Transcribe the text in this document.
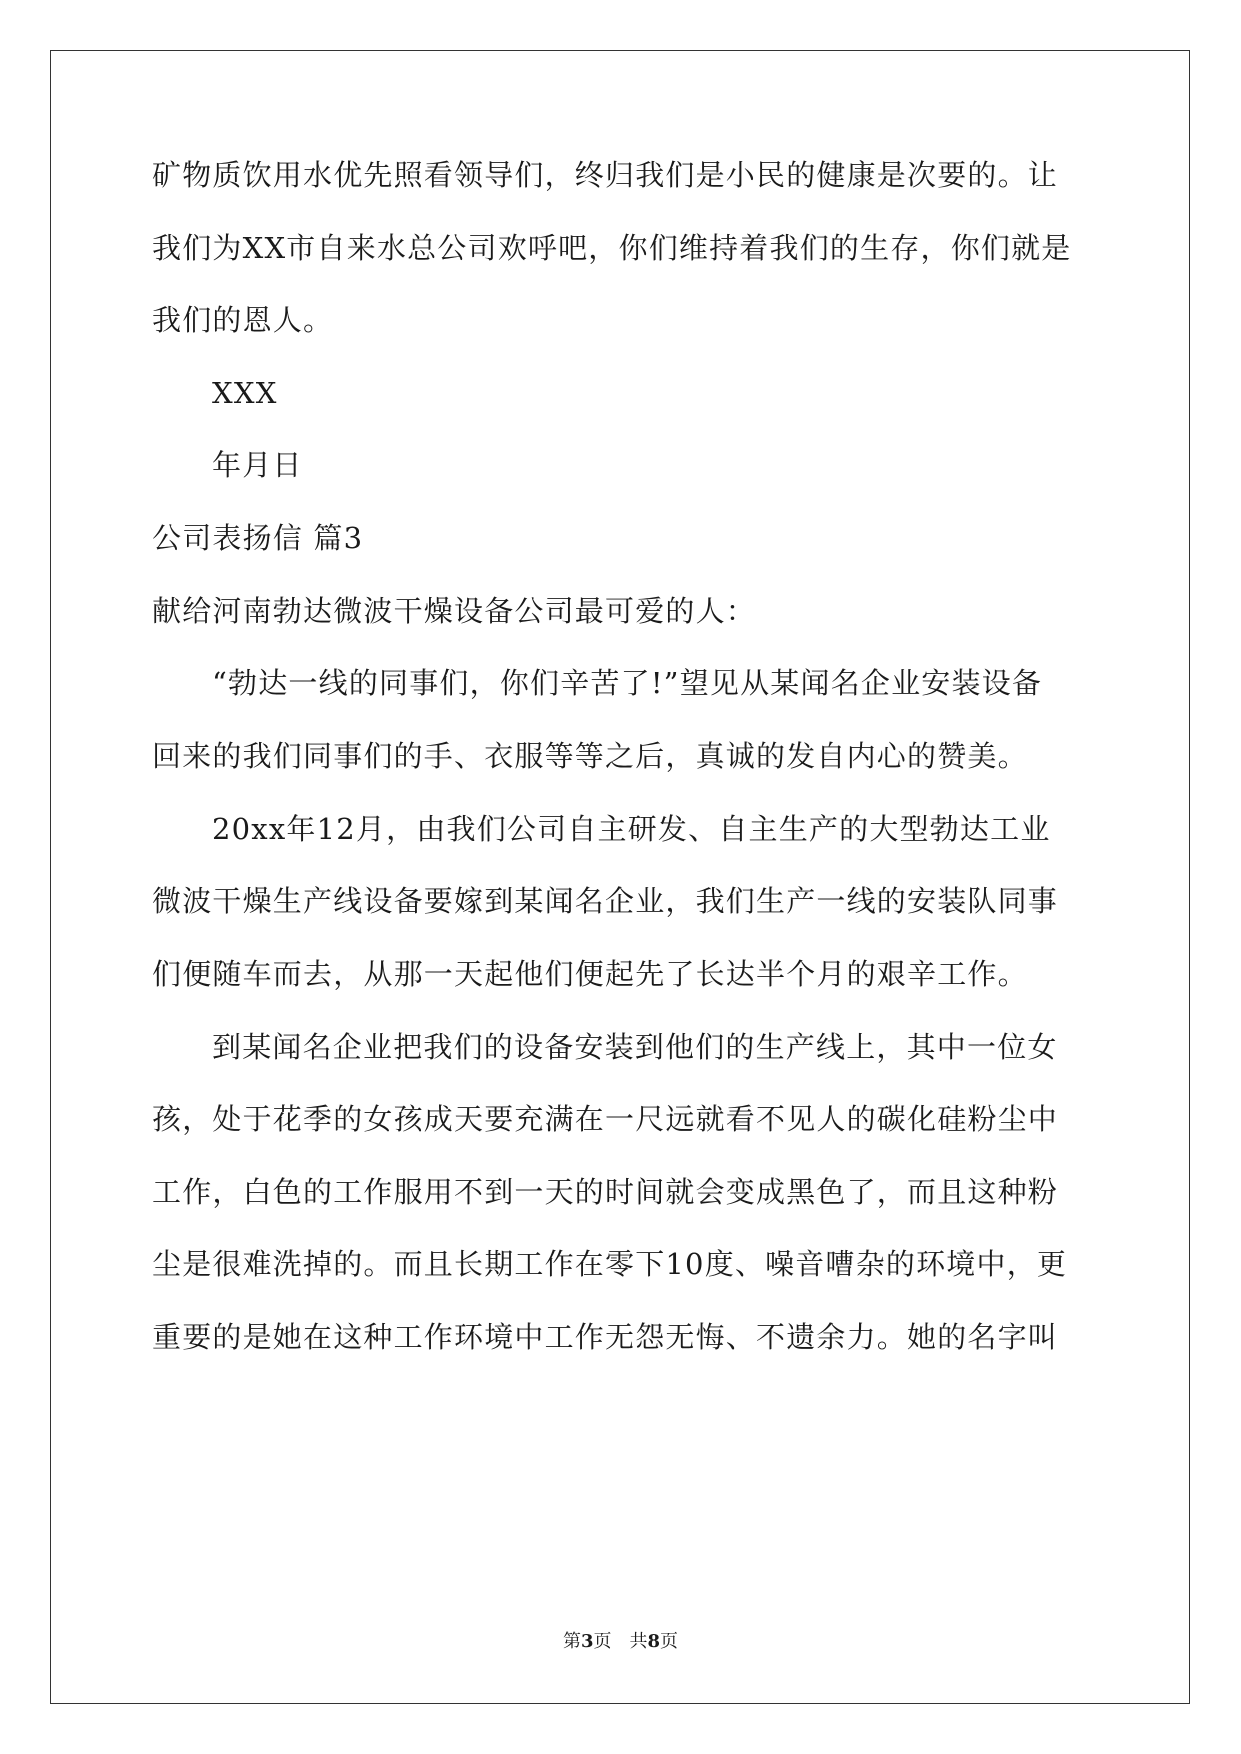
矿物质饮用水优先照看领导们，终归我们是小民的健康是次要的。让
我们为XX市自来水总公司欢呼吧，你们维持着我们的生存，你们就是
我们的恩人。
XXX
年月日
公司表扬信 篇3
献给河南勃达微波干燥设备公司最可爱的人：
“勃达一线的同事们，你们辛苦了!”望见从某闻名企业安装设备
回来的我们同事们的手、衣服等等之后，真诚的发自内心的赞美。
20xx年12月，由我们公司自主研发、自主生产的大型勃达工业
微波干燥生产线设备要嫁到某闻名企业，我们生产一线的安装队同事
们便随车而去，从那一天起他们便起先了长达半个月的艰辛工作。
到某闻名企业把我们的设备安装到他们的生产线上，其中一位女
孩，处于花季的女孩成天要充满在一尺远就看不见人的碳化硅粉尘中
工作，白色的工作服用不到一天的时间就会变成黑色了，而且这种粉
尘是很难洗掉的。而且长期工作在零下10度、噪音嘈杂的环境中，更
重要的是她在这种工作环境中工作无怨无悔、不遗余力。她的名字叫
第3页 共8页
